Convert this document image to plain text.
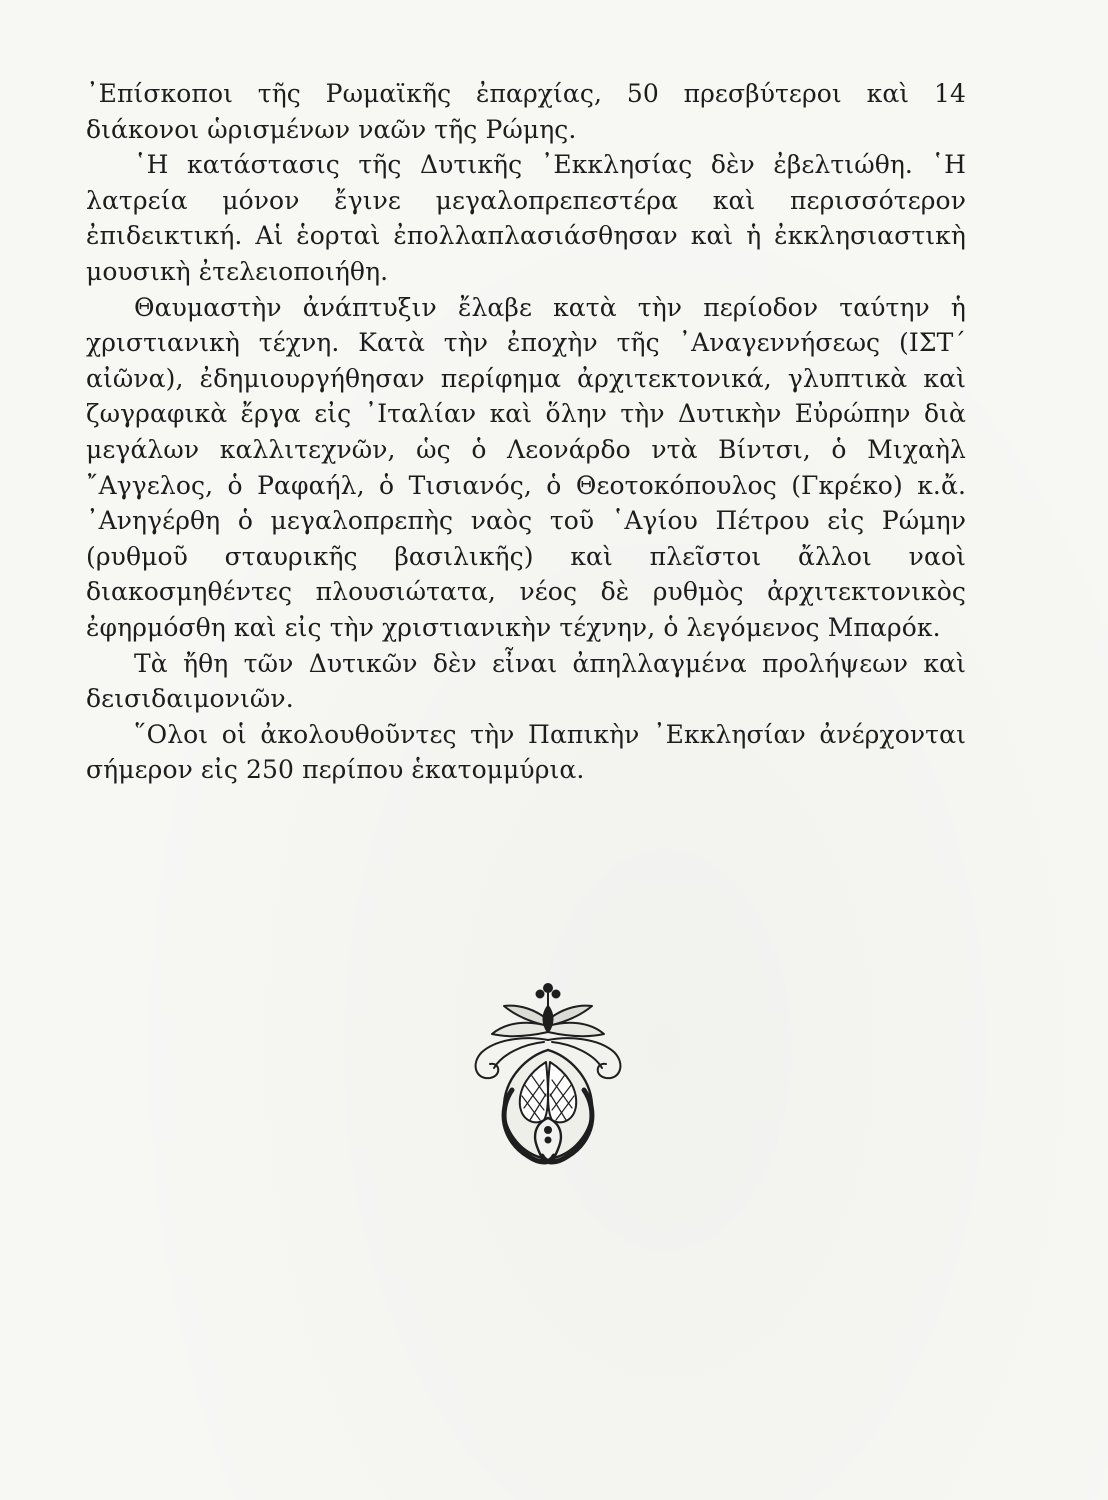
᾿Επίσκοποι τῆς Ρωμαϊκῆς ἐπαρχίας, 50 πρεσβύτεροι καὶ 14 διάκονοι ὡρισμένων ναῶν τῆς Ρώμης.

῾Η κατάστασις τῆς Δυτικῆς ᾿Εκκλησίας δὲν ἐβελτιώθη. ῾Η λατρεία μόνον ἔγινε μεγαλοπρεπεστέρα καὶ περισσότερον ἐπιδεικτική. Αἱ ἑορταὶ ἐπολλαπλασιάσθησαν καὶ ἡ ἐκκλησιαστικὴ μουσικὴ ἐτελειοποιήθη.

Θαυμαστὴν ἀνάπτυξιν ἔλαβε κατὰ τὴν περίοδον ταύτην ἡ χριστιανικὴ τέχνη. Κατὰ τὴν ἐποχὴν τῆς ᾿Αναγεννήσεως (ΙΣΤ΄ αἰῶνα), ἐδημιουργήθησαν περίφημα ἀρχιτεκτονικά, γλυπτικὰ καὶ ζωγραφικὰ ἔργα εἰς ᾿Ιταλίαν καὶ ὅλην τὴν Δυτικὴν Εὐρώπην διὰ μεγάλων καλλιτεχνῶν, ὡς ὁ Λεονάρδο ντὰ Βίντσι, ὁ Μιχαὴλ ῎Αγγελος, ὁ Ραφαήλ, ὁ Τισιανός, ὁ Θεοτοκόπουλος (Γκρέκο) κ.ἄ. ᾿Ανηγέρθη ὁ μεγαλοπρεπὴς ναὸς τοῦ ῾Αγίου Πέτρου εἰς Ρώμην (ρυθμοῦ σταυρικῆς βασιλικῆς) καὶ πλεῖστοι ἄλλοι ναοὶ διακοσμηθέντες πλουσιώτατα, νέος δὲ ρυθμὸς ἀρχιτεκτονικὸς ἐφηρμόσθη καὶ εἰς τὴν χριστιανικὴν τέχνην, ὁ λεγόμενος Μπαρόκ.

Τὰ ἤθη τῶν Δυτικῶν δὲν εἶναι ἀπηλλαγμένα προλήψεων καὶ δεισιδαιμονιῶν.

῞Ολοι οἱ ἀκολουθοῦντες τὴν Παπικὴν ᾿Εκκλησίαν ἀνέρχονται σήμερον εἰς 250 περίπου ἑκατομμύρια.
